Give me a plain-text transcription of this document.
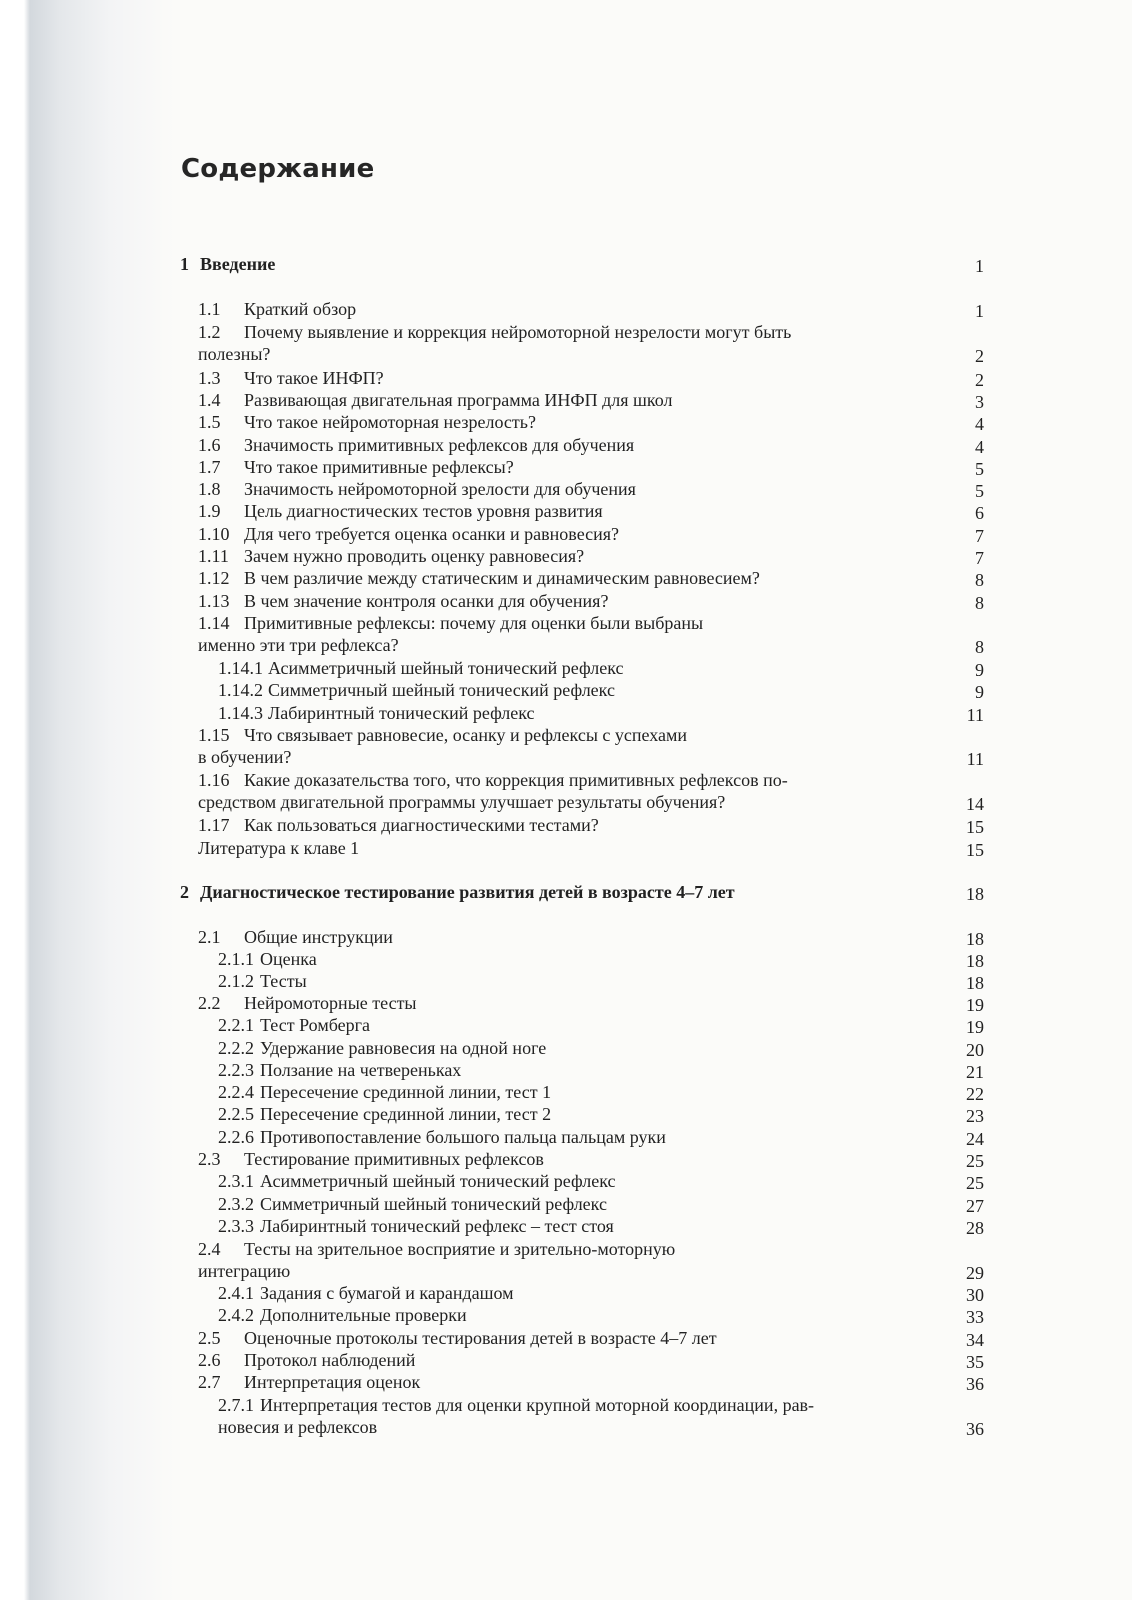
Содержание
1 Введение	1
1.1 Краткий обзор	1
1.2 Почему выявление и коррекция нейромоторной незрелости могут быть
полезны?	2
1.3 Что такое ИНФП?	2
1.4 Развивающая двигательная программа ИНФП для школ	3
1.5 Что такое нейромоторная незрелость?	4
1.6 Значимость примитивных рефлексов для обучения	4
1.7 Что такое примитивные рефлексы?	5
1.8 Значимость нейромоторной зрелости для обучения	5
1.9 Цель диагностических тестов уровня развития	6
1.10 Для чего требуется оценка осанки и равновесия?	7
1.11 Зачем нужно проводить оценку равновесия?	7
1.12 В чем различие между статическим и динамическим равновесием?	8
1.13 В чем значение контроля осанки для обучения?	8
1.14 Примитивные рефлексы: почему для оценки были выбраны
именно эти три рефлекса?	8
1.14.1 Асимметричный шейный тонический рефлекс	9
1.14.2 Симметричный шейный тонический рефлекс	9
1.14.3 Лабиринтный тонический рефлекс	11
1.15 Что связывает равновесие, осанку и рефлексы с успехами
в обучении?	11
1.16 Какие доказательства того, что коррекция примитивных рефлексов по-
средством двигательной программы улучшает результаты обучения?	14
1.17 Как пользоваться диагностическими тестами?	15
Литература к клаве 1	15
2 Диагностическое тестирование развития детей в возрасте 4–7 лет	18
2.1 Общие инструкции	18
2.1.1 Оценка	18
2.1.2 Тесты	18
2.2 Нейромоторные тесты	19
2.2.1 Тест Ромберга	19
2.2.2 Удержание равновесия на одной ноге	20
2.2.3 Ползание на четвереньках	21
2.2.4 Пересечение срединной линии, тест 1	22
2.2.5 Пересечение срединной линии, тест 2	23
2.2.6 Противопоставление большого пальца пальцам руки	24
2.3 Тестирование примитивных рефлексов	25
2.3.1 Асимметричный шейный тонический рефлекс	25
2.3.2 Симметричный шейный тонический рефлекс	27
2.3.3 Лабиринтный тонический рефлекс – тест стоя	28
2.4 Тесты на зрительное восприятие и зрительно-моторную
интеграцию	29
2.4.1 Задания с бумагой и карандашом	30
2.4.2 Дополнительные проверки	33
2.5 Оценочные протоколы тестирования детей в возрасте 4–7 лет	34
2.6 Протокол наблюдений	35
2.7 Интерпретация оценок	36
2.7.1 Интерпретация тестов для оценки крупной моторной координации, рав-
новесия и рефлексов	36
